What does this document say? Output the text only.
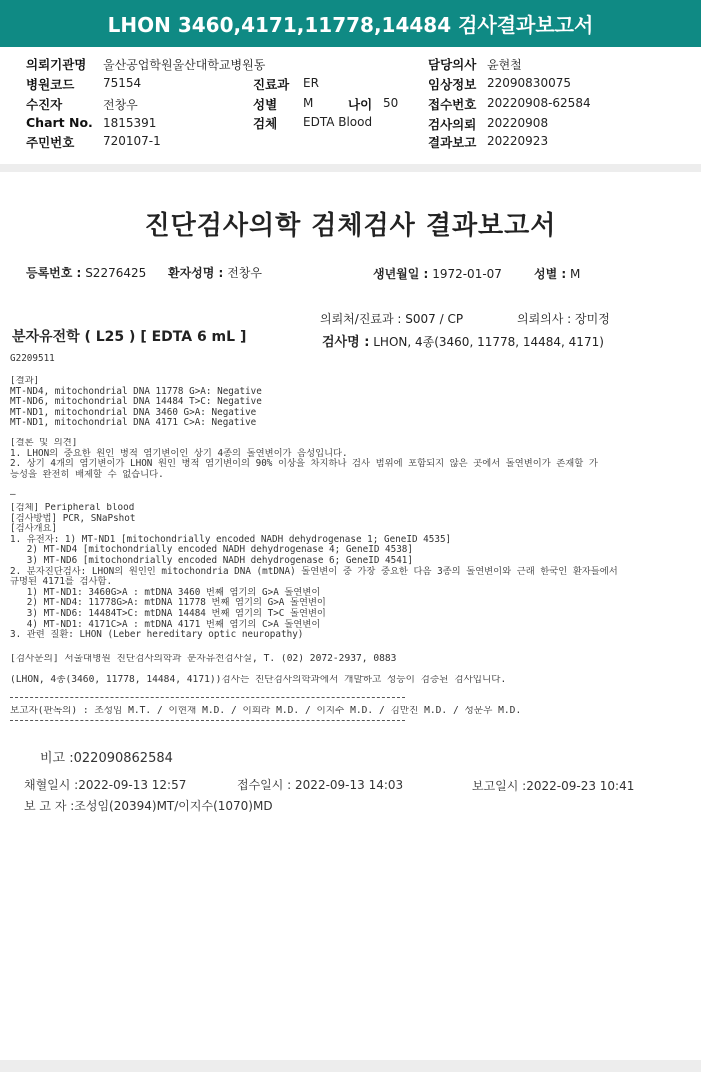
LHON 3460,4171,11778,14484 검사결과보고서
의뢰기관명 울산공업학원울산대학교병원동	담당의사 윤현철
병원코드 75154	진료과 ER	임상정보 22090830075
수진자	전창우	성별 M	나이 50 접수번호 20220908-62584
Chart No. 1815391	검체 EDTA Blood	검사의뢰 20220908
주민번호 720107-1	결과보고 20220923
진단검사의학 검체검사 결과보고서
등록번호 : S2276425 환자성명 : 전창우	생년월일 : 1972-01-07	성별 : M
의뢰처/진료과 : S007 / CP	의뢰의사 : 장미정
분자유전학 ( L25 ) [ EDTA 6 mL ]	검사명 : LHON, 4종(3460, 11778, 14484, 4171)
G2209511
[결과]
MT-ND4, mitochondrial DNA 11778 G>A: Negative
MT-ND6, mitochondrial DNA 14484 T>C: Negative
MT-ND1, mitochondrial DNA 3460 G>A: Negative
MT-ND1, mitochondrial DNA 4171 C>A: Negative
[결론 및 의견]
1. LHON의 중요한 원인 병적 염기변이인 상기 4종의 돌연변이가 음성입니다.
2. 상기 4개의 염기변이가 LHON 원인 병적 염기변이의 90% 이상을 차지하나 검사 범위에 포함되지 않은 곳에서 돌연변이가 존재할 가
능성을 완전히 배제할 수 없습니다.
—
[검체] Peripheral blood
[검사방법] PCR, SNaPshot
[검사개요]
1. 유전자: 1) MT-ND1 [mitochondrially encoded NADH dehydrogenase 1; GeneID 4535]
2) MT-ND4 [mitochondrially encoded NADH dehydrogenase 4; GeneID 4538]
3) MT-ND6 [mitochondrially encoded NADH dehydrogenase 6; GeneID 4541]
2. 분자진단검사: LHON의 원인인 mitochondria DNA (mtDNA) 돌연변이 중 가장 중요한 다음 3종의 돌연변이와 근래 한국인 환자들에서
규명된 4171를 검사함.
1) MT-ND1: 3460G>A : mtDNA 3460 번째 염기의 G>A 돌연변이
2) MT-ND4: 11778G>A: mtDNA 11778 번째 염기의 G>A 돌연변이
3) MT-ND6: 14484T>C: mtDNA 14484 번째 염기의 T>C 돌연변이
4) MT-ND1: 4171C>A : mtDNA 4171 번째 염기의 C>A 돌연변이
3. 관련 질환: LHON (Leber hereditary optic neuropathy)
[검사문의] 서울대병원 진단검사의학과 분자유전검사실, T. (02) 2072-2937, 0883
(LHON, 4종(3460, 11778, 14484, 4171))검사는 진단검사의학과에서 개발하고 성능이 검증된 검사입니다.
보고자(판독의) : 조성임 M.T. / 이현재 M.D. / 이희라 M.D. / 이지수 M.D. / 김만진 M.D. / 성문우 M.D.
비고 :022090862584
채혈일시 :2022-09-13 12:57	접수일시 : 2022-09-13 14:03	보고일시 :2022-09-23 10:41
보 고 자 :조성임(20394)MT/이지수(1070)MD
